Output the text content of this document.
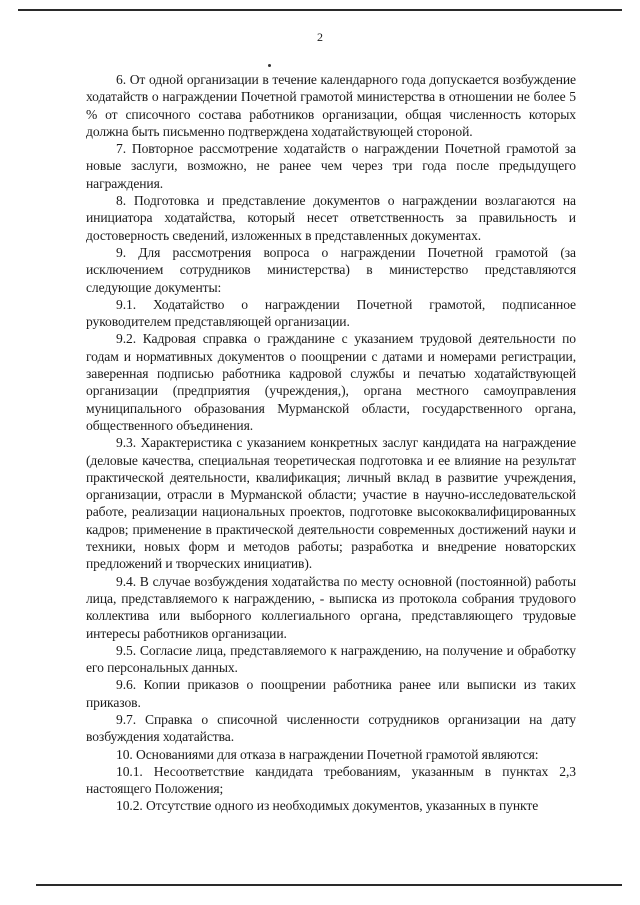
2

6. От одной организации в течение календарного года допускается возбуждение ходатайств о награждении Почетной грамотой министерства в отношении не более 5 % от списочного состава работников организации, общая численность которых должна быть письменно подтверждена ходатайствующей стороной.

7. Повторное рассмотрение ходатайств о награждении Почетной грамотой за новые заслуги, возможно, не ранее чем через три года после предыдущего награждения.

8. Подготовка и представление документов о награждении возлагаются на инициатора ходатайства, который несет ответственность за правильность и достоверность сведений, изложенных в представленных документах.

9. Для рассмотрения вопроса о награждении Почетной грамотой (за исключением сотрудников министерства) в министерство представляются следующие документы:

9.1. Ходатайство о награждении Почетной грамотой, подписанное руководителем представляющей организации.

9.2. Кадровая справка о гражданине с указанием трудовой деятельности по годам и нормативных документов о поощрении с датами и номерами регистрации, заверенная подписью работника кадровой службы и печатью ходатайствующей организации (предприятия (учреждения,), органа местного самоуправления муниципального образования Мурманской области, государственного органа, общественного объединения.

9.3. Характеристика с указанием конкретных заслуг кандидата на награждение (деловые качества, специальная теоретическая подготовка и ее влияние на результат практической деятельности, квалификация; личный вклад в развитие учреждения, организации, отрасли в Мурманской области; участие в научно-исследовательской работе, реализации национальных проектов, подготовке высококвалифицированных кадров; применение в практической деятельности современных достижений науки и техники, новых форм и методов работы; разработка и внедрение новаторских предложений и творческих инициатив).

9.4. В случае возбуждения ходатайства по месту основной (постоянной) работы лица, представляемого к награждению, - выписка из протокола собрания трудового коллектива или выборного коллегиального органа, представляющего трудовые интересы работников организации.

9.5. Согласие лица, представляемого к награждению, на получение и обработку его персональных данных.

9.6. Копии приказов о поощрении работника ранее или выписки из таких приказов.

9.7. Справка о списочной численности сотрудников организации на дату возбуждения ходатайства.

10. Основаниями для отказа в награждении Почетной грамотой являются:

10.1. Несоответствие кандидата требованиям, указанным в пунктах 2,3 настоящего Положения;

10.2. Отсутствие одного из необходимых документов, указанных в пункте
